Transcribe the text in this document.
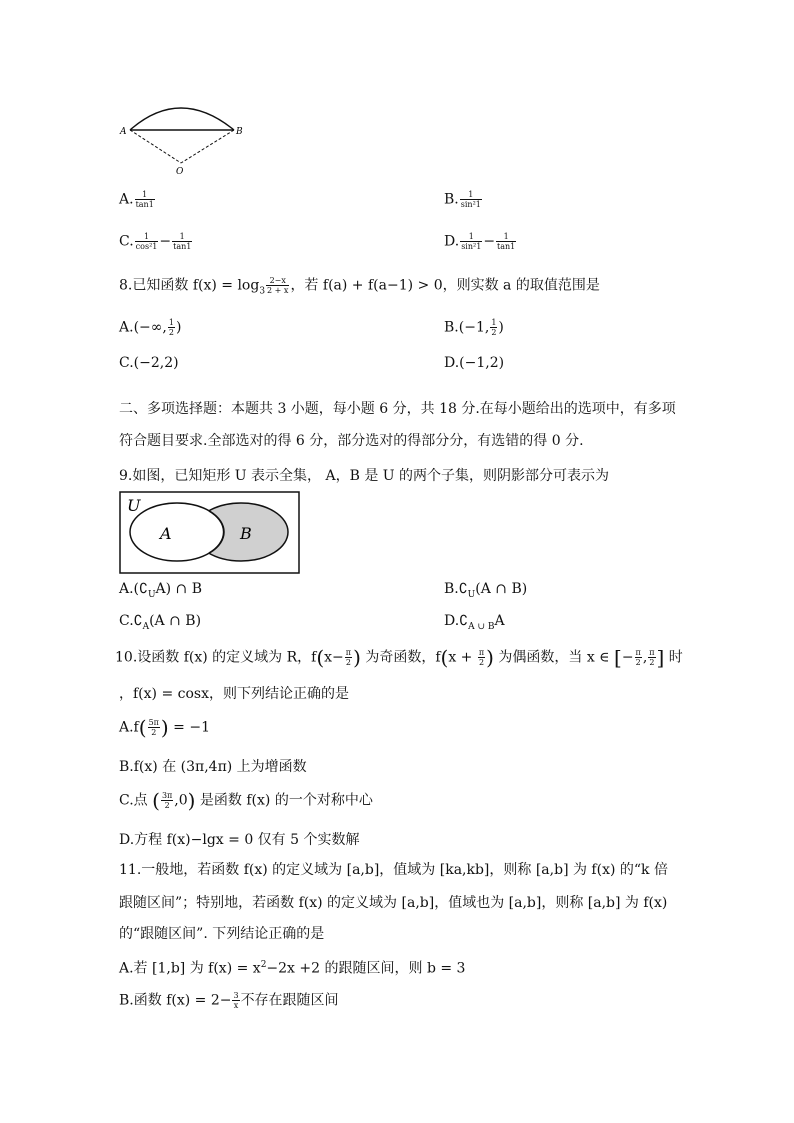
A	B
O
A. $\frac{1}{\tan 1}$	B. $\frac{1}{\text{sin²1}}$
C. $\frac{1}{\text{cos²1}} - \frac{1}{\tan 1}$	D. $\frac{1}{\text{sin²1}} - \frac{1}{\tan 1}$
8.已知函数 $f(x) = \log_3 \frac{2-x}{2 + x}$ ，若 f(a) + f(a−1) > 0，则实数 a 的取值范围是
A.(−∞, $\frac{1}{2}$ )	B.(−1, $\frac{1}{2}$ )
C.(−2,2)	D.(−1,2)
二、多项选择题：本题共 3 小题，每小题 6 分，共 18 分.在每小题给出的选项中，有多项
符合题目要求.全部选对的得 6 分，部分选对的得部分分，有选错的得 0 分.
9.如图，已知矩形 U 表示全集， A，B 是 U 的两个子集，则阴影部分可表示为
U
A	B
$A.(∁_UA)$ ∩ B	$B.∁_U(A$ ∩ B)
$C.∁_A(A$ ∩ B)	$D.∁_{A \cup B}A$
10.设函数 f(x) 的定义域为 R，$f(x- \frac{\pi}{2}$ ) 为奇函数，$f(x + \frac{\pi}{2}$ ) 为偶函数，当 x ∈ [− $\frac{\pi}{2}$ , $\frac{\pi}{2}$ ] 时
，f(x) = cosx，则下列结论正确的是
$A.f( \frac{5\pi}{2}$ ) = −1
B.f(x) 在 (3π,4π) 上为增函数
C.点 ( $\frac{3\pi}{2} ,0$) 是函数 f(x) 的一个对称中心
D.方程 f(x)−lgx = 0 仅有 5 个实数解
11.一般地，若函数 f(x) 的定义域为 [a,b]，值域为 [ka,kb]，则称 [a,b] 为 f(x) 的“k 倍
跟随区间”；特别地，若函数 f(x) 的定义域为 [a,b]，值域也为 [a,b]，则称 [a,b] 为 f(x)
的“跟随区间”. 下列结论正确的是
A.若 [1,b] 为 $f(x) = x^2-2x +2$ 的跟随区间，则 b = 3
B.函数 $f(x) = 2- \frac{3}{x}$ 不存在跟随区间
